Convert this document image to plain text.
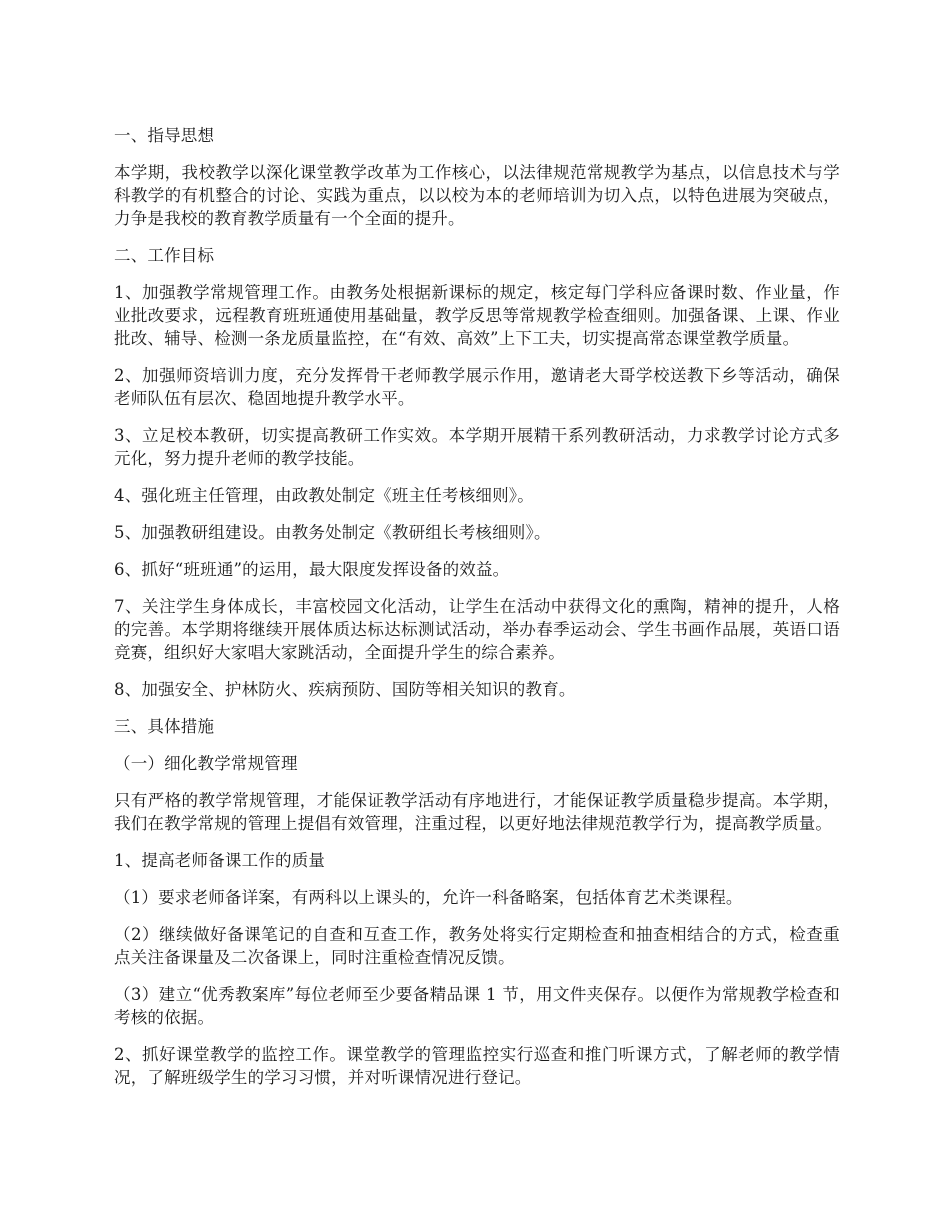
一、指导思想

本学期，我校教学以深化课堂教学改革为工作核心，以法律规范常规教学为基点，以信息技术与学科教学的有机整合的讨论、实践为重点，以以校为本的老师培训为切入点，以特色进展为突破点，力争是我校的教育教学质量有一个全面的提升。

二、工作目标

1、加强教学常规管理工作。由教务处根据新课标的规定，核定每门学科应备课时数、作业量，作业批改要求，远程教育班班通使用基础量，教学反思等常规教学检查细则。加强备课、上课、作业批改、辅导、检测一条龙质量监控，在“有效、高效”上下工夫，切实提高常态课堂教学质量。

2、加强师资培训力度，充分发挥骨干老师教学展示作用，邀请老大哥学校送教下乡等活动，确保老师队伍有层次、稳固地提升教学水平。

3、立足校本教研，切实提高教研工作实效。本学期开展精干系列教研活动，力求教学讨论方式多元化，努力提升老师的教学技能。

4、强化班主任管理，由政教处制定《班主任考核细则》。

5、加强教研组建设。由教务处制定《教研组长考核细则》。

6、抓好“班班通”的运用，最大限度发挥设备的效益。

7、关注学生身体成长，丰富校园文化活动，让学生在活动中获得文化的熏陶，精神的提升，人格的完善。本学期将继续开展体质达标达标测试活动，举办春季运动会、学生书画作品展，英语口语竞赛，组织好大家唱大家跳活动，全面提升学生的综合素养。

8、加强安全、护林防火、疾病预防、国防等相关知识的教育。

三、具体措施

（一）细化教学常规管理

只有严格的教学常规管理，才能保证教学活动有序地进行，才能保证教学质量稳步提高。本学期，我们在教学常规的管理上提倡有效管理，注重过程，以更好地法律规范教学行为，提高教学质量。

1、提高老师备课工作的质量

（1）要求老师备详案，有两科以上课头的，允许一科备略案，包括体育艺术类课程。

（2）继续做好备课笔记的自查和互查工作，教务处将实行定期检查和抽查相结合的方式，检查重点关注备课量及二次备课上，同时注重检查情况反馈。

（3）建立“优秀教案库”每位老师至少要备精品课 1 节，用文件夹保存。以便作为常规教学检查和考核的依据。

2、抓好课堂教学的监控工作。课堂教学的管理监控实行巡查和推门听课方式，了解老师的教学情况，了解班级学生的学习习惯，并对听课情况进行登记。
